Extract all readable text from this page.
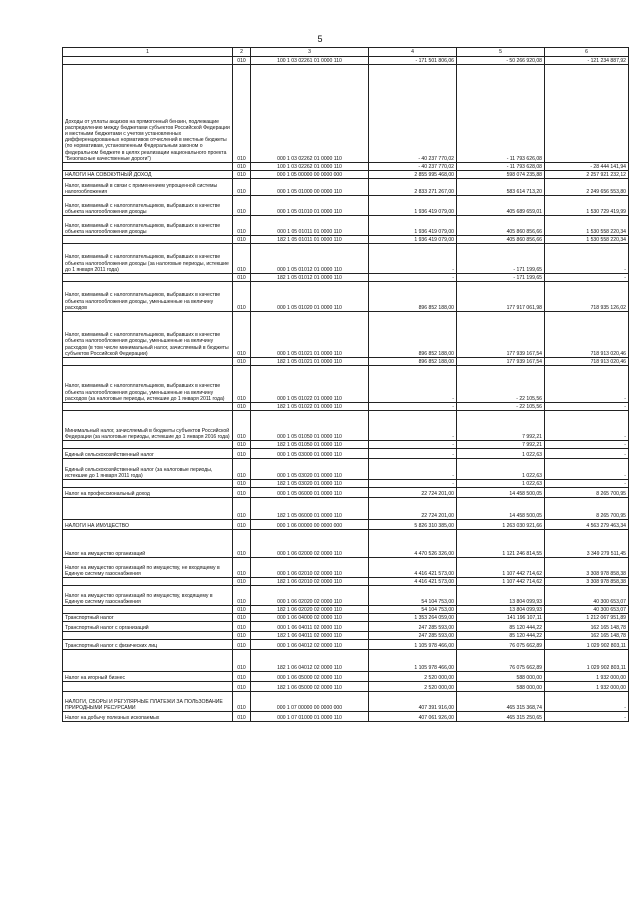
5
1	2	3	4	5	6
	010	100 1 03 02261 01 0000 110	- 171 501 806,06	- 50 266 920,08	- 121 234 887,92
Доходы от уплаты акцизов на прямогонный бензин, подлежащие распределению между бюджетами субъектов Российской Федерации и местными бюджетами с учетом установленных дифференцированных нормативов отчислений в местные бюджеты (по нормативам, установленным Федеральным законом о федеральном бюджете в целях реализации национального проекта "Безопасные качественные дороги")	010	000 1 03 02262 01 0000 110	- 40 237 770,02	- 11 793 626,08	
	010	100 1 03 02262 01 0000 110	- 40 237 770,02	- 11 793 628,08	- 28 444 141,94
НАЛОГИ НА СОВОКУПНЫЙ ДОХОД	010	000 1 05 00000 00 0000 000	2 855 995 468,00	598 074 235,88	2 257 921 232,12
Налог, взимаемый в связи с применением упрощенной системы налогообложения	010	000 1 05 01000 00 0000 110	2 833 271 267,00	583 614 713,20	2 249 656 553,80
Налог, взимаемый с налогоплательщиков, выбравших в качестве объекта налогообложения доходы	010	000 1 05 01010 01 0000 110	1 936 419 079,00	405 689 659,01	1 530 729 419,99
Налог, взимаемый с налогоплательщиков, выбравших в качестве объекта налогообложения доходы	010	000 1 05 01011 01 0000 110	1 936 419 079,00	405 860 856,66	1 530 558 220,34
	010	182 1 05 01011 01 0000 110	1 936 419 079,00	405 860 856,66	1 530 558 220,34
Налог, взимаемый с налогоплательщиков, выбравших в качестве объекта налогообложения доходы (за налоговые периоды, истекшие до 1 января 2011 года)	010	000 1 05 01012 01 0000 110	-	- 171 199,65	-
	010	182 1 05 01012 01 0000 110	-	- 171 199,65	-
Налог, взимаемый с налогоплательщиков, выбравших в качестве объекта налогообложения доходы, уменьшенные на величину расходов	010	000 1 05 01020 01 0000 110	896 852 188,00	177 917 061,98	718 935 126,02
Налог, взимаемый с налогоплательщиков, выбравших в качестве объекта налогообложения доходы, уменьшенные на величину расходов (в том числе минимальный налог, зачисляемый в бюджеты субъектов Российской Федерации)	010	000 1 05 01021 01 0000 110	896 852 188,00	177 939 167,54	718 913 020,46
	010	182 1 05 01021 01 0000 110	896 852 188,00	177 939 167,54	718 913 020,46
Налог, взимаемый с налогоплательщиков, выбравших в качестве объекта налогообложения доходы, уменьшенные на величину расходов (за налоговые периоды, истекшие до 1 января 2011 года)	010	000 1 05 01022 01 0000 110	-	- 22 105,56	-
	010	182 1 05 01022 01 0000 110	-	- 22 105,56	-
Минимальный налог, зачисляемый в бюджеты субъектов Российской Федерации (за налоговые периоды, истекшие до 1 января 2016 года)	010	000 1 05 01050 01 0000 110	-	7 992,21	-
	010	182 1 05 01050 01 0000 110	-	7 992,21	-
Единый сельскохозяйственный налог	010	000 1 05 03000 01 0000 110	-	1 022,63	-
Единый сельскохозяйственный налог (за налоговые периоды, истекшие до 1 января 2011 года)	010	000 1 05 03020 01 0000 110	-	1 022,63	-
	010	182 1 05 03020 01 0000 110	-	1 022,63	-
Налог на профессиональный доход	010	000 1 05 06000 01 0000 110	22 724 201,00	14 458 500,05	8 265 700,95
	010	182 1 05 06000 01 0000 110	22 724 201,00	14 458 500,05	8 265 700,95
НАЛОГИ НА ИМУЩЕСТВО	010	000 1 06 00000 00 0000 000	5 826 310 385,00	1 263 030 921,66	4 563 279 463,34
Налог на имущество организаций	010	000 1 06 02000 02 0000 110	4 470 526 326,00	1 121 246 814,55	3 349 279 511,45
Налог на имущество организаций по имуществу, не входящему в Единую систему газоснабжения	010	000 1 06 02010 02 0000 110	4 416 421 573,00	1 107 442 714,62	3 308 978 858,38
	010	182 1 06 02010 02 0000 110	4 416 421 573,00	1 107 442 714,62	3 308 978 858,38
Налог на имущество организаций по имуществу, входящему в Единую систему газоснабжения	010	000 1 06 02020 02 0000 110	54 104 753,00	13 804 099,93	40 300 653,07
	010	182 1 06 02020 02 0000 110	54 104 753,00	13 804 099,93	40 300 653,07
Транспортный налог	010	000 1 06 04000 02 0000 110	1 353 264 059,00	141 196 107,11	1 212 067 951,89
Транспортный налог с организаций	010	000 1 06 04011 02 0000 110	247 285 593,00	85 120 444,22	162 165 148,78
	010	182 1 06 04011 02 0000 110	247 285 593,00	85 120 444,22	162 165 148,78
Транспортный налог с физических лиц	010	000 1 06 04012 02 0000 110	1 105 978 466,00	76 075 662,89	1 029 902 803,11
	010	182 1 06 04012 02 0000 110	1 105 978 466,00	76 075 662,89	1 029 902 803,11
Налог на игорный бизнес	010	000 1 06 05000 02 0000 110	2 520 000,00	588 000,00	1 932 000,00
	010	182 1 06 05000 02 0000 110	2 520 000,00	588 000,00	1 932 000,00
НАЛОГИ, СБОРЫ И РЕГУЛЯРНЫЕ ПЛАТЕЖИ ЗА ПОЛЬЗОВАНИЕ ПРИРОДНЫМИ РЕСУРСАМИ	010	000 1 07 00000 00 0000 000	407 391 916,00	465 315 368,74	-
Налог на добычу полезных ископаемых	010	000 1 07 01000 01 0000 110	407 061 926,00	465 315 250,65	-
